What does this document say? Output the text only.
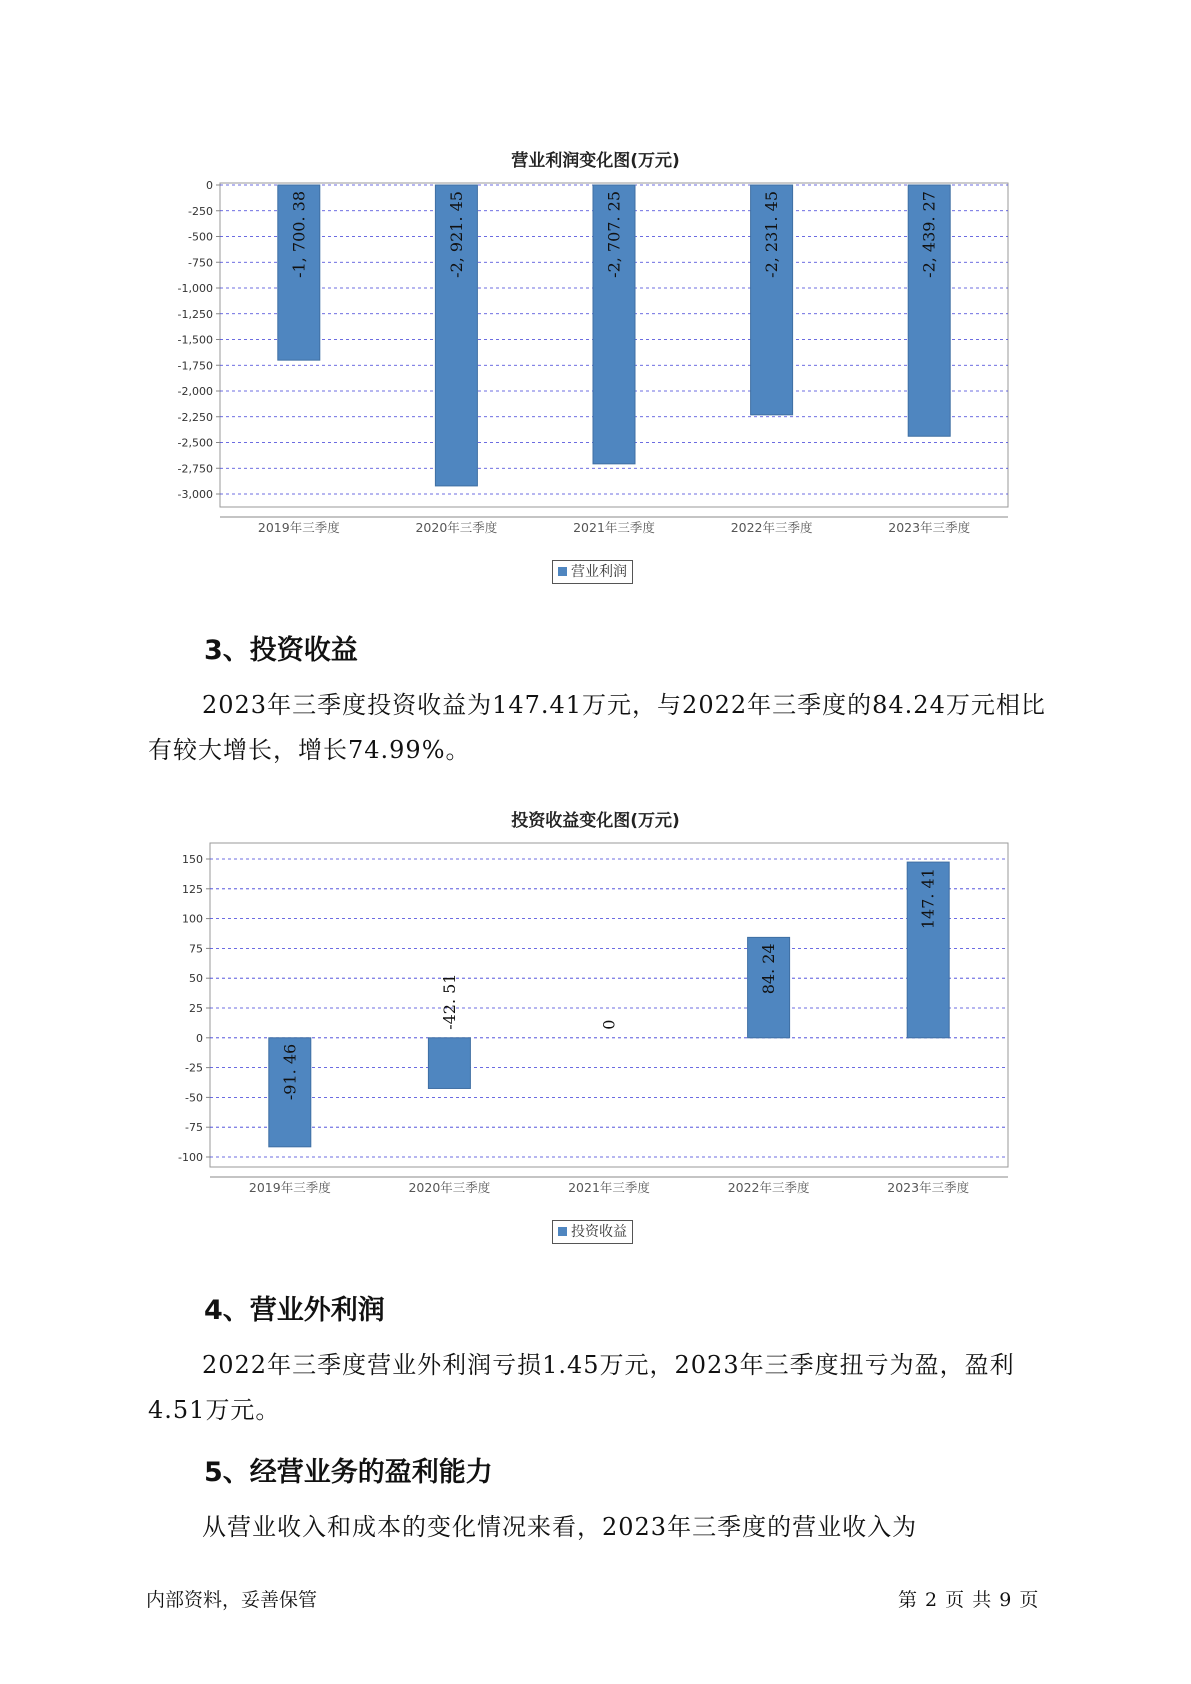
营业利润变化图(万元)
0
-250
-500
-750
-1,000
-1,250
-1,500
-1,750
-2,000
-2,250
-2,500
-2,750
-3,000
-1, 700. 38
2019年三季度
-2, 921. 45
2020年三季度
-2, 707. 25
2021年三季度
-2, 231. 45
2022年三季度
-2, 439. 27
2023年三季度
营业利润
3、投资收益

2023年三季度投资收益为147.41万元，与2022年三季度的84.24万元相比有较大增长，增长74.99%。

投资收益变化图(万元)
150
125
100
75
50
25
0
-25
-50
-75
-100
-91. 46
2019年三季度
-42. 51
2020年三季度
0
2021年三季度
84. 24
2022年三季度
147. 41
2023年三季度
投资收益
4、营业外利润

2022年三季度营业外利润亏损1.45万元，2023年三季度扭亏为盈，盈利4.51万元。

5、经营业务的盈利能力

从营业收入和成本的变化情况来看，2023年三季度的营业收入为

内部资料，妥善保管	第 2 页 共 9 页
